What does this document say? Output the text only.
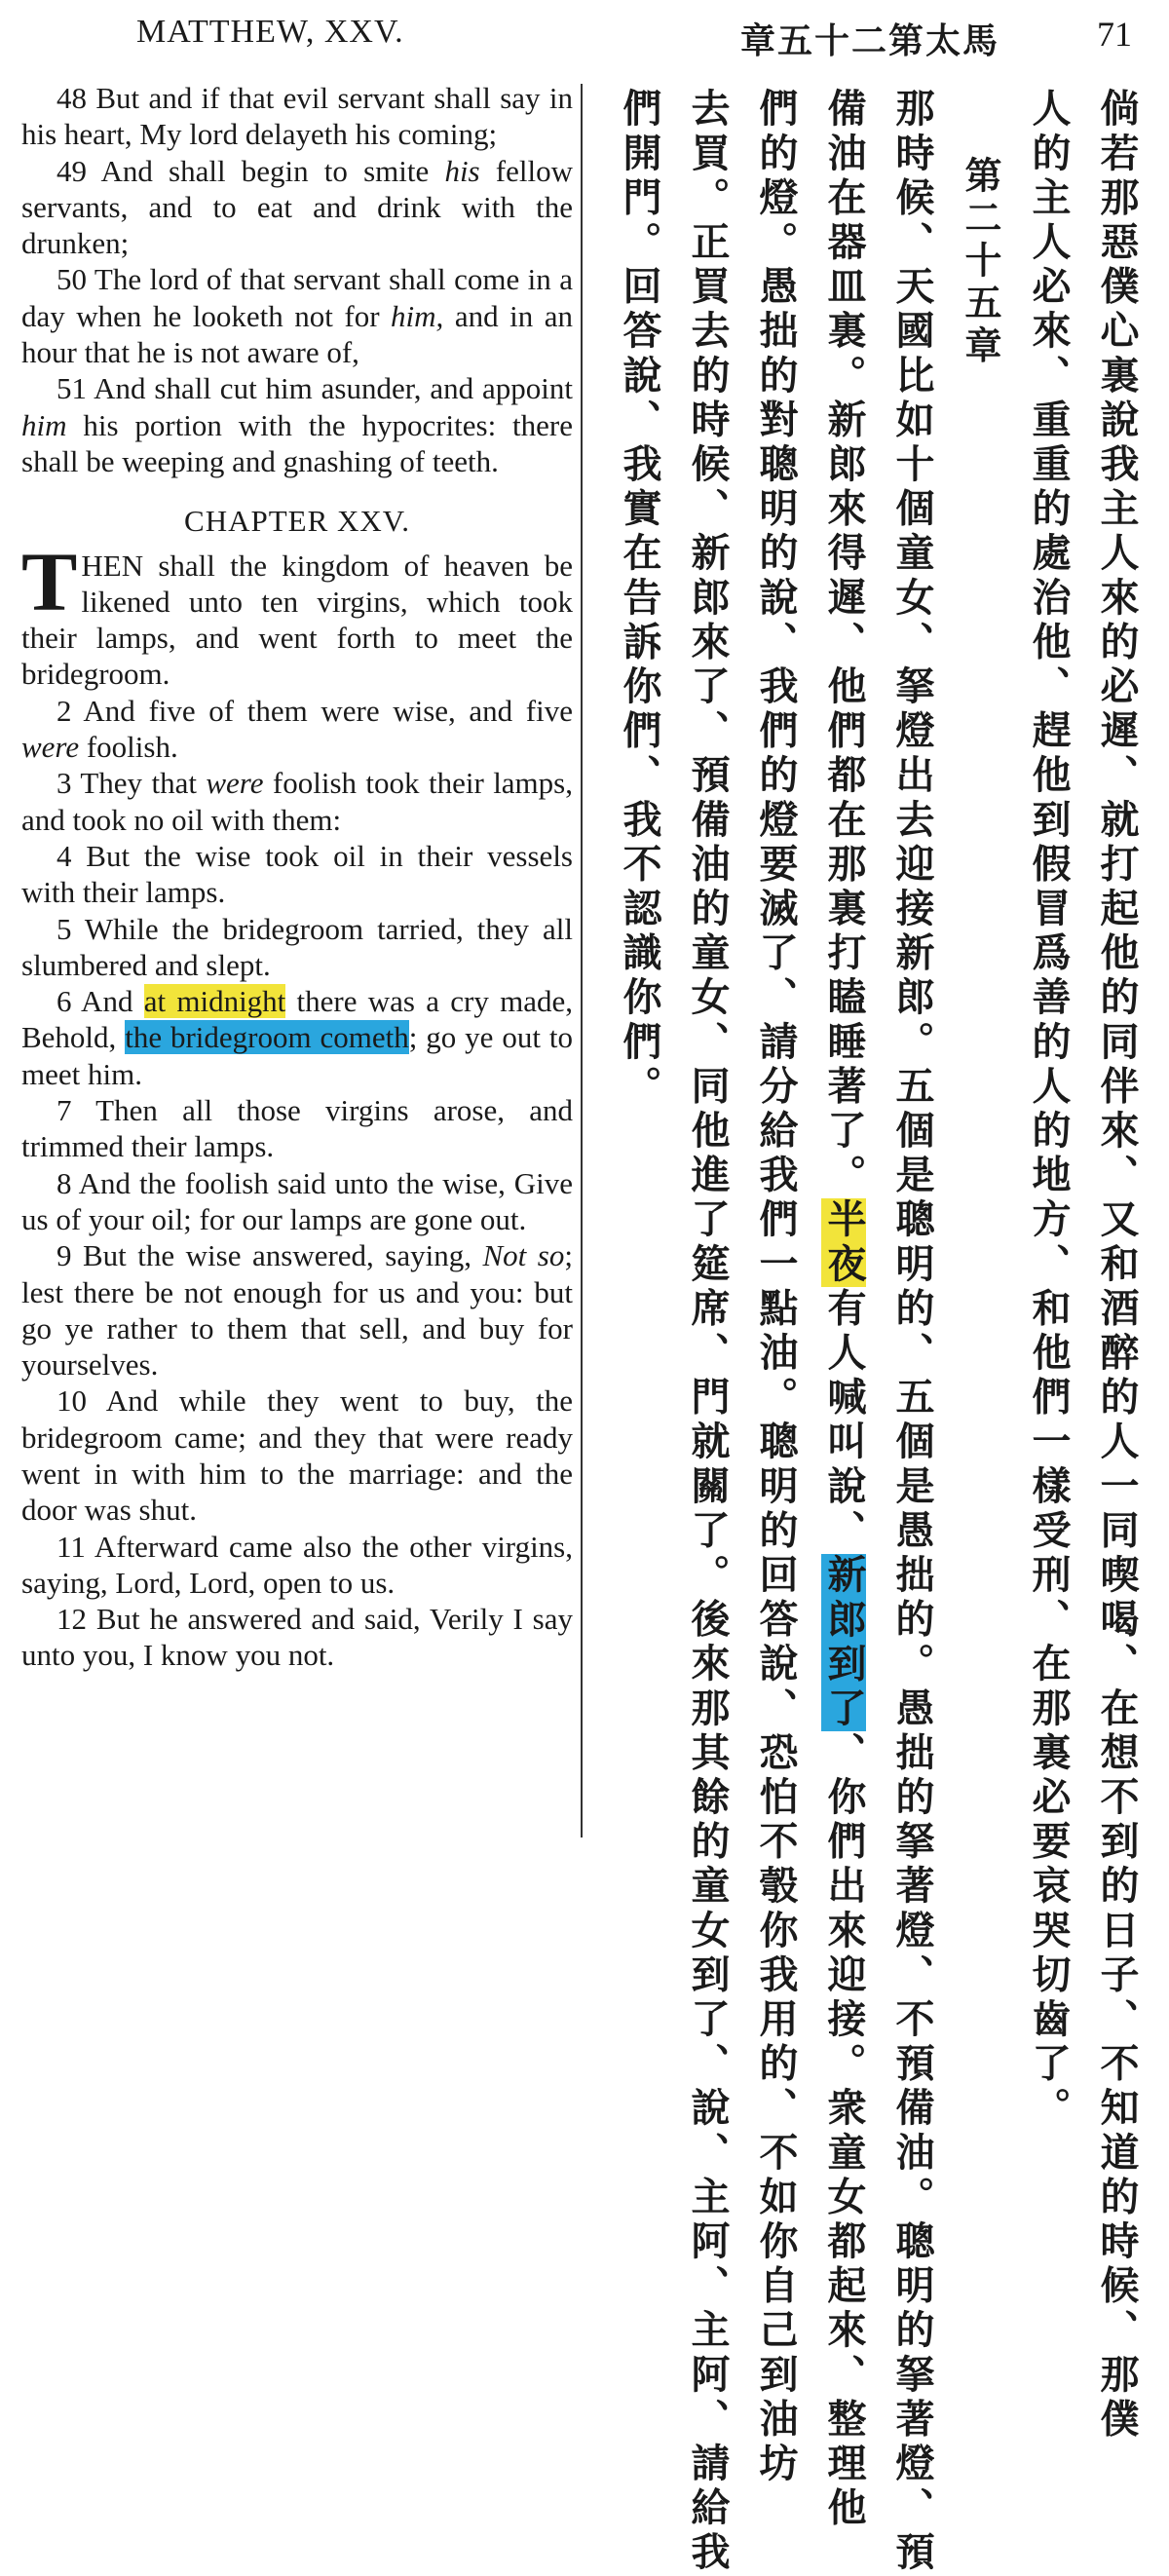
MATTHEW, XXV.	章五十二第太馬	71

48 But and if that evil servant shall say in his heart, My lord delayeth his coming;

49 And shall begin to smite his fellow servants, and to eat and drink with the drunken;

50 The lord of that servant shall come in a day when he looketh not for him, and in an hour that he is not aware of,

51 And shall cut him asunder, and appoint him his portion with the hypocrites: there shall be weeping and gnashing of teeth.

CHAPTER XXV.

THEN shall the kingdom of heaven be likened unto ten virgins, which took their lamps, and went forth to meet the bridegroom.

2 And five of them were wise, and five were foolish.

3 They that were foolish took their lamps, and took no oil with them:

4 But the wise took oil in their vessels with their lamps.

5 While the bridegroom tarried, they all slumbered and slept.

6 And at midnight there was a cry made, Behold, the bridegroom cometh; go ye out to meet him.

7 Then all those virgins arose, and trimmed their lamps.

8 And the foolish said unto the wise, Give us of your oil; for our lamps are gone out.

9 But the wise answered, saying, Not so; lest there be not enough for us and you: but go ye rather to them that sell, and buy for yourselves.

10 And while they went to buy, the bridegroom came; and they that were ready went in with him to the marriage: and the door was shut.

11 Afterward came also the other virgins, saying, Lord, Lord, open to us.

12 But he answered and said, Verily I say unto you, I know you not.	倘若那惡僕心裏說我主人來的必遲、就打起他的同伴來、又和酒醉的人一同喫喝、在想不到的日子、不知道的時候、那僕
人的主人必來、重重的處治他、趕他到假冒爲善的人的地方、和他們一樣受刑、在那裏必要哀哭切齒了。
第二十五章
那時候、天國比如十個童女、拏燈出去迎接新郎。五個是聰明的、五個是愚拙的。愚拙的拏著燈、不預備油。聰明的拏著燈、預
備油在器皿裏。新郎來得遲、他們都在那裏打瞌睡著了。半夜有人喊叫說、新郎到了、你們出來迎接。衆童女都起來、整理他
們的燈。愚拙的對聰明的說、我們的燈要滅了、請分給我們一點油。聰明的回答說、恐怕不彀你我用的、不如你自己到油坊
去買。正買去的時候、新郎來了、預備油的童女、同他進了筵席、門就關了。後來那其餘的童女到了、說、主阿、主阿、請給我
們開門。回答說、我實在告訴你們、我不認識你們。
